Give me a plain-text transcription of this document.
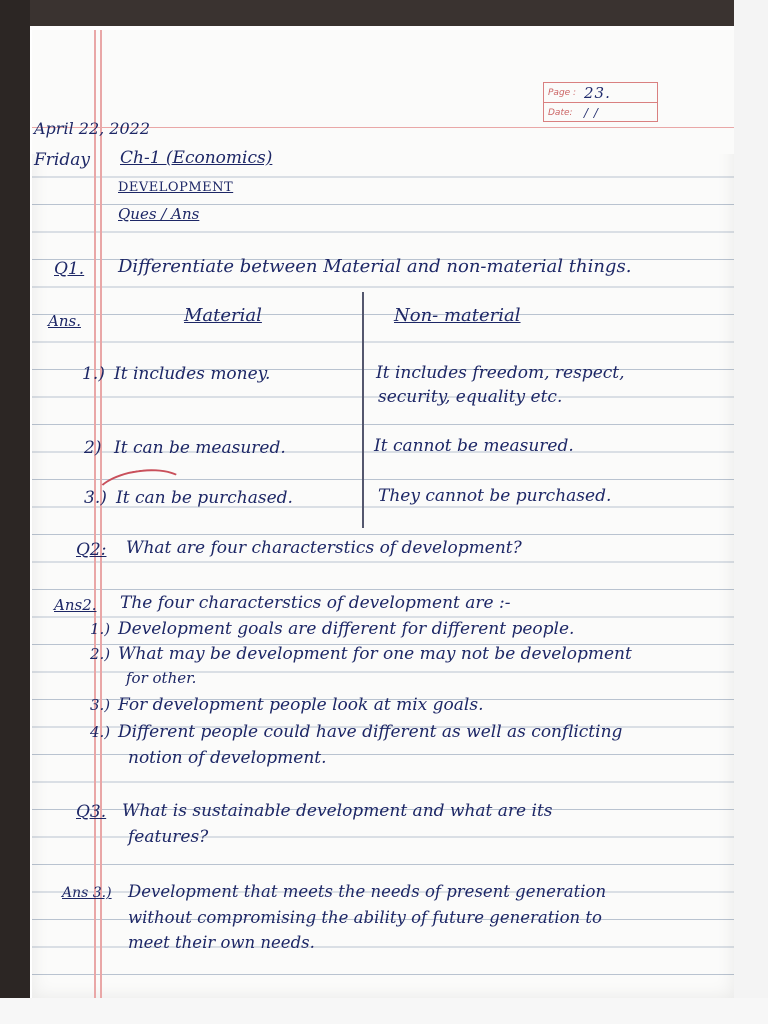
Page : 23.
Date: / /
April 22, 2022
Friday Ch-1 (Economics)
DEVELOPMENT
Ques / Ans
Q1. Differentiate between Material and non-material things.
Ans.	Material	Non- material
1.) It includes money.	It includes freedom, respect,
security, equality etc.
2) It can be measured.	It cannot be measured.
3.) It can be purchased.	They cannot be purchased.
Q2: What are four characterstics of development?
Ans2. The four characterstics of development are :-
1.) Development goals are different for different people.
2.) What may be development for one may not be development
for other.
3.) For development people look at mix goals.
4.) Different people could have different as well as conflicting
notion of development.
Q3. What is sustainable development and what are its
features?
Ans 3.) Development that meets the needs of present generation
without compromising the ability of future generation to
meet their own needs.
